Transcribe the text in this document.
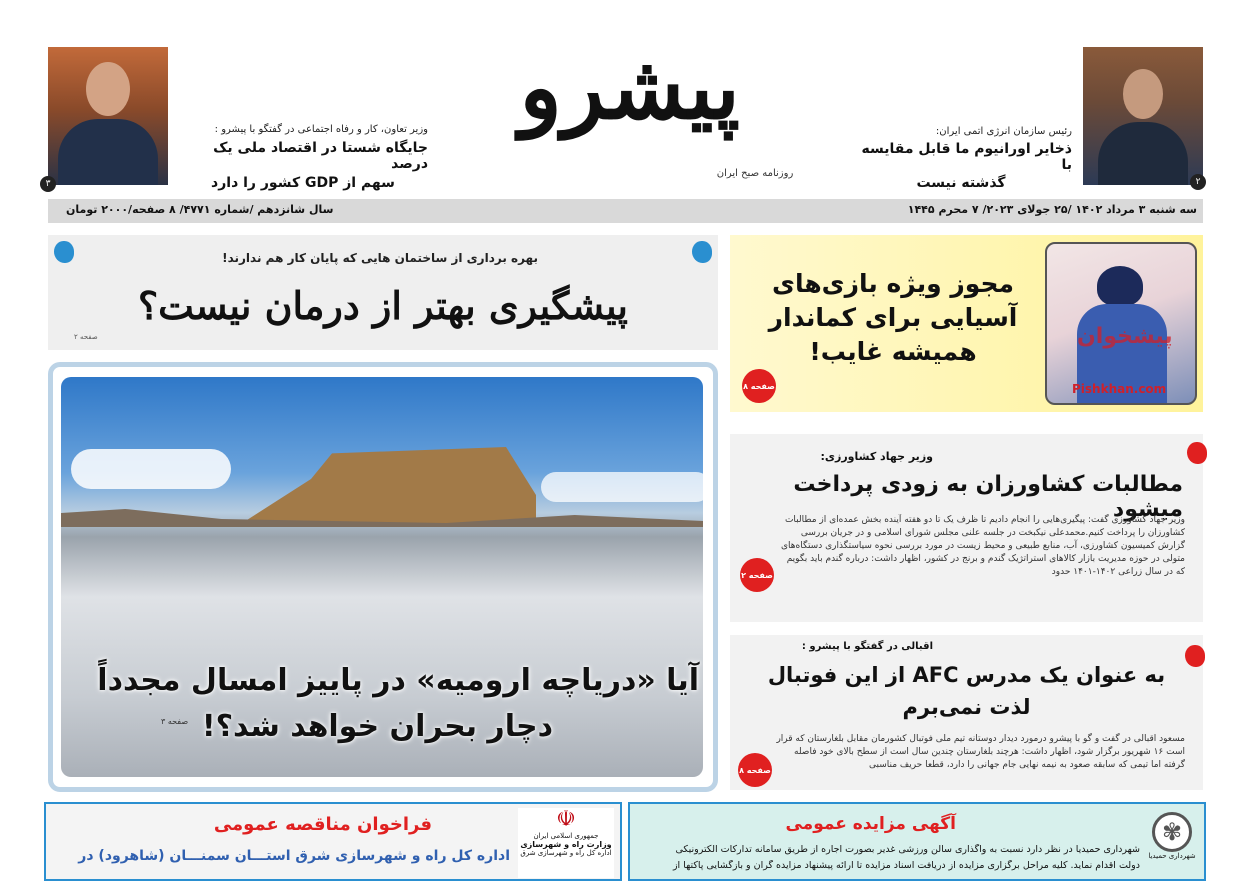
۲
رئیس سازمان انرژی اتمی ایران:
ذخایر اورانیوم ما قابل مقایسه با
گذشته نیست
پیشرو
روزنامه صبح ایران
وزیر تعاون، کار و رفاه اجتماعی در گفتگو با پیشرو :
جایگاه شستا در اقتصاد ملی یک درصد
سهم از GDP کشور را دارد
۳
سه شنبه ۳ مرداد ۱۴۰۲ /۲۵ جولای ۲۰۲۳/ ۷ محرم ۱۴۴۵
سال شانزدهم /شماره ۴۷۷۱/ ۸ صفحه/۲۰۰۰ تومان
بهره برداری از ساختمان هایی که پایان کار هم ندارند!
پیشگیری بهتر از درمان نیست؟
صفحه ۲
آیا «دریاچه ارومیه» در پاییز امسال مجدداً
دچار بحران خواهد شد؟!
صفحه ۳
پیشخوان
Pishkhan.com
مجوز ویژه بازی‌های آسیایی برای کماندار همیشه غایب!
صفحه ۸
وزیر جهاد کشاورزی:
مطالبات کشاورزان به زودی پرداخت میشود
وزیر جهاد کشاورزی گفت: پیگیری‌هایی را انجام دادیم تا ظرف یک تا دو هفته آینده بخش عمده‌ای از مطالبات کشاورزان را پرداخت کنیم.محمدعلی نیکبخت در جلسه علنی مجلس شورای اسلامی و در جریان بررسی گزارش کمیسیون کشاورزی، آب، منابع طبیعی و محیط زیست در مورد بررسی نحوه سیاستگذاری دستگاه‌های متولی در حوزه مدیریت بازار کالاهای استراتژیک گندم و برنج در کشور، اظهار داشت: درباره گندم باید بگویم که در سال زراعی ۱۴۰۲-۱۴۰۱ حدود
صفحه ۲
اقبالی در گفتگو با پیشرو :
به عنوان یک مدرس AFC از این فوتبال
لذت نمی‌برم
مسعود اقبالی در گفت و گو با پیشرو درمورد دیدار دوستانه تیم ملی فوتبال کشورمان مقابل بلغارستان که قرار است ۱۶ شهریور برگزار شود، اظهار داشت: هرچند بلغارستان چندین سال است از سطح بالای خود فاصله گرفته اما تیمی که سابقه صعود به نیمه نهایی جام جهانی را دارد، قطعا حریف مناسبی
صفحه ۸
فراخوان مناقصه عمومی
اداره کل راه و شهرسازی شرق استـــان سمنـــان (شاهرود) در
☫
جمهوری اسلامی ایران
وزارت راه و شهرسازی
اداره کل راه و شهرسازی شرق
آگهی مزایده عمومی
شهرداری حمیدیا در نظر دارد نسبت به واگذاری سالن ورزشی غدیر بصورت اجاره از طریق سامانه تدارکات الکترونیکی
دولت اقدام نماید. کلیه مراحل برگزاری مزایده از دریافت اسناد مزایده تا ارائه پیشنهاد مزایده گران و بازگشایی پاکتها از
✾
شهرداری حمیدیا
